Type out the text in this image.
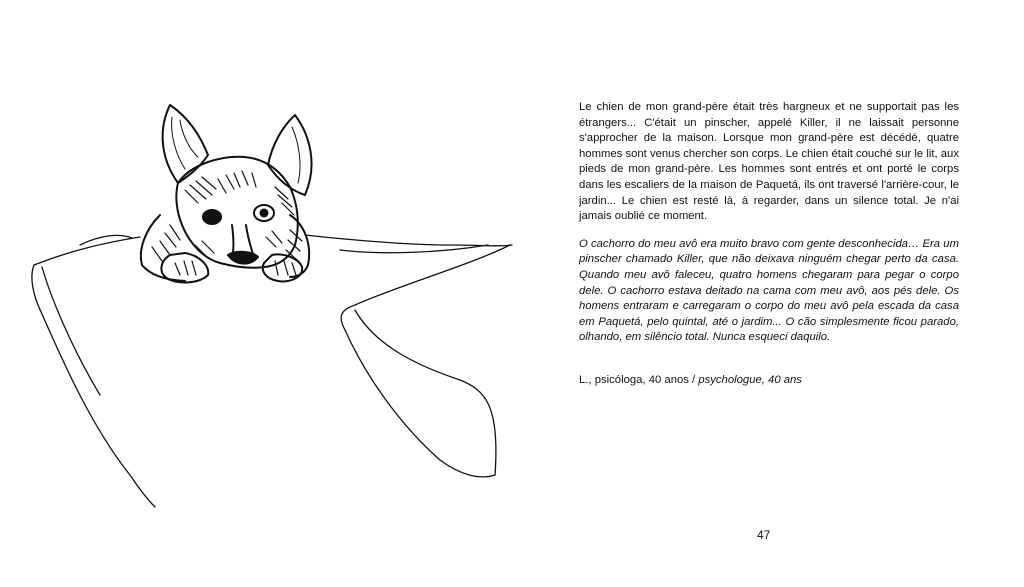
Le chien de mon grand-père était très hargneux et ne supportait pas les étrangers... C'était un pinscher, appelé Killer, il ne laissait personne s'approcher de la maison. Lorsque mon grand-père est décédé, quatre hommes sont venus chercher son corps. Le chien était couché sur le lit, aux pieds de mon grand-père. Les hommes sont entrés et ont porté le corps dans les escaliers de la maison de Paquetá, ils ont traversé l'arrière-cour, le jardin... Le chien est resté là, à regarder, dans un silence total. Je n'ai jamais oublié ce moment.

O cachorro do meu avô era muito bravo com gente desconhecida… Era um pinscher chamado Killer, que não deixava ninguém chegar perto da casa. Quando meu avô faleceu, quatro homens chegaram para pegar o corpo dele. O cachorro estava deitado na cama com meu avô, aos pés dele. Os homens entraram e carregaram o corpo do meu avô pela escada da casa em Paquetá, pelo quintal, até o jardim... O cão simplesmente ficou parado, olhando, em silêncio total. Nunca esqueci daquilo.

L., psicóloga, 40 anos / psychologue, 40 ans
47
